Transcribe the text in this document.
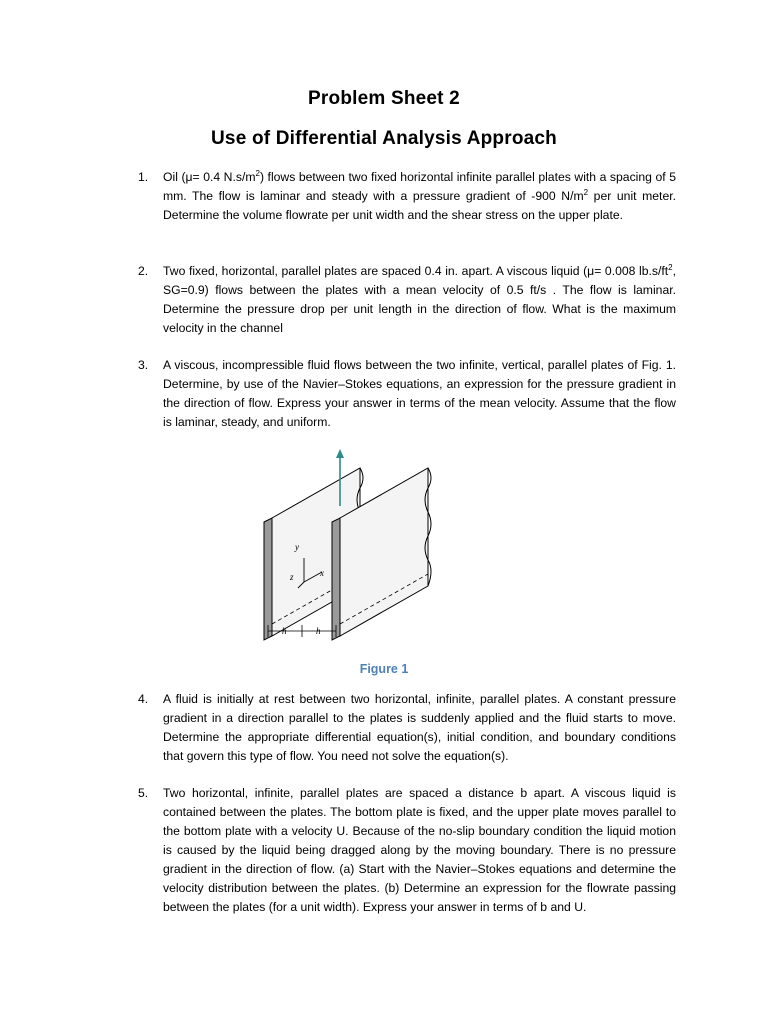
Problem Sheet 2
Use of Differential Analysis Approach
1.	Oil (μ= 0.4 $N.s/m^2$) flows between two fixed horizontal infinite parallel plates with a spacing of 5 mm. The flow is laminar and steady with a pressure gradient of -900 $N/m^2$ per unit meter. Determine the volume flowrate per unit width and the shear stress on the upper plate.
2.	Two fixed, horizontal, parallel plates are spaced 0.4 in. apart. A viscous liquid (μ= 0.008 $lb.s/ft^2$, SG=0.9) flows between the plates with a mean velocity of 0.5 ft/s . The flow is laminar. Determine the pressure drop per unit length in the direction of flow. What is the maximum velocity in the channel
3.	A viscous, incompressible fluid flows between the two infinite, vertical, parallel plates of Fig. 1. Determine, by use of the Navier–Stokes equations, an expression for the pressure gradient in the direction of flow. Express your answer in terms of the mean velocity. Assume that the flow is laminar, steady, and uniform.
y
x
z
h	h
Figure 1
4.	A fluid is initially at rest between two horizontal, infinite, parallel plates. A constant pressure gradient in a direction parallel to the plates is suddenly applied and the fluid starts to move. Determine the appropriate differential equation(s), initial condition, and boundary conditions that govern this type of flow. You need not solve the equation(s).
5.	Two horizontal, infinite, parallel plates are spaced a distance b apart. A viscous liquid is contained between the plates. The bottom plate is fixed, and the upper plate moves parallel to the bottom plate with a velocity U. Because of the no-slip boundary condition the liquid motion is caused by the liquid being dragged along by the moving boundary. There is no pressure gradient in the direction of flow. (a) Start with the Navier–Stokes equations and determine the velocity distribution between the plates. (b) Determine an expression for the flowrate passing between the plates (for a unit width). Express your answer in terms of b and U.
